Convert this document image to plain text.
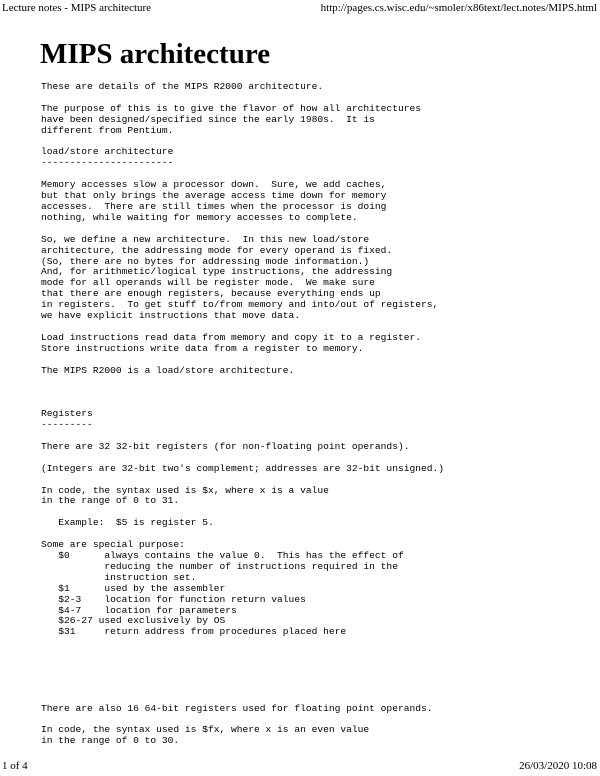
Lecture notes - MIPS architecture	http://pages.cs.wisc.edu/~smoler/x86text/lect.notes/MIPS.html
MIPS architecture
These are details of the MIPS R2000 architecture.

The purpose of this is to give the flavor of how all architectures
have been designed/specified since the early 1980s.  It is
different from Pentium.

load/store architecture
-----------------------

Memory accesses slow a processor down.  Sure, we add caches,
but that only brings the average access time down for memory
accesses.  There are still times when the processor is doing
nothing, while waiting for memory accesses to complete.

So, we define a new architecture.  In this new load/store
architecture, the addressing mode for every operand is fixed.
(So, there are no bytes for addressing mode information.)
And, for arithmetic/logical type instructions, the addressing
mode for all operands will be register mode.  We make sure
that there are enough registers, because everything ends up
in registers.  To get stuff to/from memory and into/out of registers,
we have explicit instructions that move data.

Load instructions read data from memory and copy it to a register.
Store instructions write data from a register to memory.

The MIPS R2000 is a load/store architecture.

Registers
---------

There are 32 32-bit registers (for non-floating point operands).

(Integers are 32-bit two's complement; addresses are 32-bit unsigned.)

In code, the syntax used is $x, where x is a value
in the range of 0 to 31.

Example:  $5 is register 5.

Some are special purpose:
$0      always contains the value 0.  This has the effect of
reducing the number of instructions required in the
instruction set.
$1      used by the assembler
$2-3    location for function return values
$4-7    location for parameters
$26-27 used exclusively by OS
$31     return address from procedures placed here

There are also 16 64-bit registers used for floating point operands.

In code, the syntax used is $fx, where x is an even value
in the range of 0 to 30.
1 of 4	26/03/2020 10:08
